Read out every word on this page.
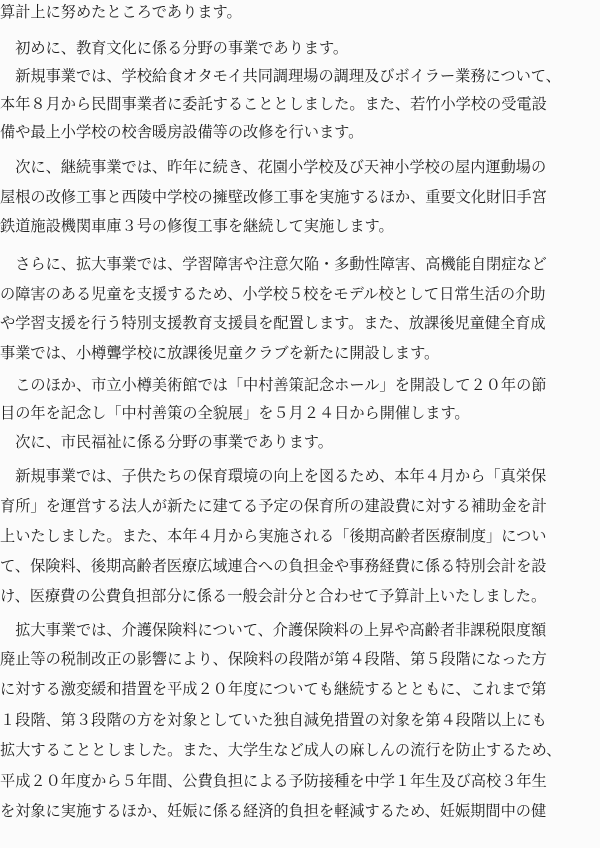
算計上に努めたところであります。
　初めに、教育文化に係る分野の事業であります。
　新規事業では、学校給食オタモイ共同調理場の調理及びボイラー業務について、
本年８月から民間事業者に委託することとしました。また、若竹小学校の受電設
備や最上小学校の校舎暖房設備等の改修を行います。
　次に、継続事業では、昨年に続き、花園小学校及び天神小学校の屋内運動場の
屋根の改修工事と西陵中学校の擁壁改修工事を実施するほか、重要文化財旧手宮
鉄道施設機関車庫３号の修復工事を継続して実施します。
　さらに、拡大事業では、学習障害や注意欠陥・多動性障害、高機能自閉症など
の障害のある児童を支援するため、小学校５校をモデル校として日常生活の介助
や学習支援を行う特別支援教育支援員を配置します。また、放課後児童健全育成
事業では、小樽聾学校に放課後児童クラブを新たに開設します。
　このほか、市立小樽美術館では「中村善策記念ホール」を開設して２０年の節
目の年を記念し「中村善策の全貌展」を５月２４日から開催します。
　次に、市民福祉に係る分野の事業であります。
　新規事業では、子供たちの保育環境の向上を図るため、本年４月から「真栄保
育所」を運営する法人が新たに建てる予定の保育所の建設費に対する補助金を計
上いたしました。また、本年４月から実施される「後期高齢者医療制度」につい
て、保険料、後期高齢者医療広域連合への負担金や事務経費に係る特別会計を設
け、医療費の公費負担部分に係る一般会計分と合わせて予算計上いたしました。
　拡大事業では、介護保険料について、介護保険料の上昇や高齢者非課税限度額
廃止等の税制改正の影響により、保険料の段階が第４段階、第５段階になった方
に対する激変緩和措置を平成２０年度についても継続するとともに、これまで第
１段階、第３段階の方を対象としていた独自減免措置の対象を第４段階以上にも
拡大することとしました。また、大学生など成人の麻しんの流行を防止するため、
平成２０年度から５年間、公費負担による予防接種を中学１年生及び高校３年生
を対象に実施するほか、妊娠に係る経済的負担を軽減するため、妊娠期間中の健
